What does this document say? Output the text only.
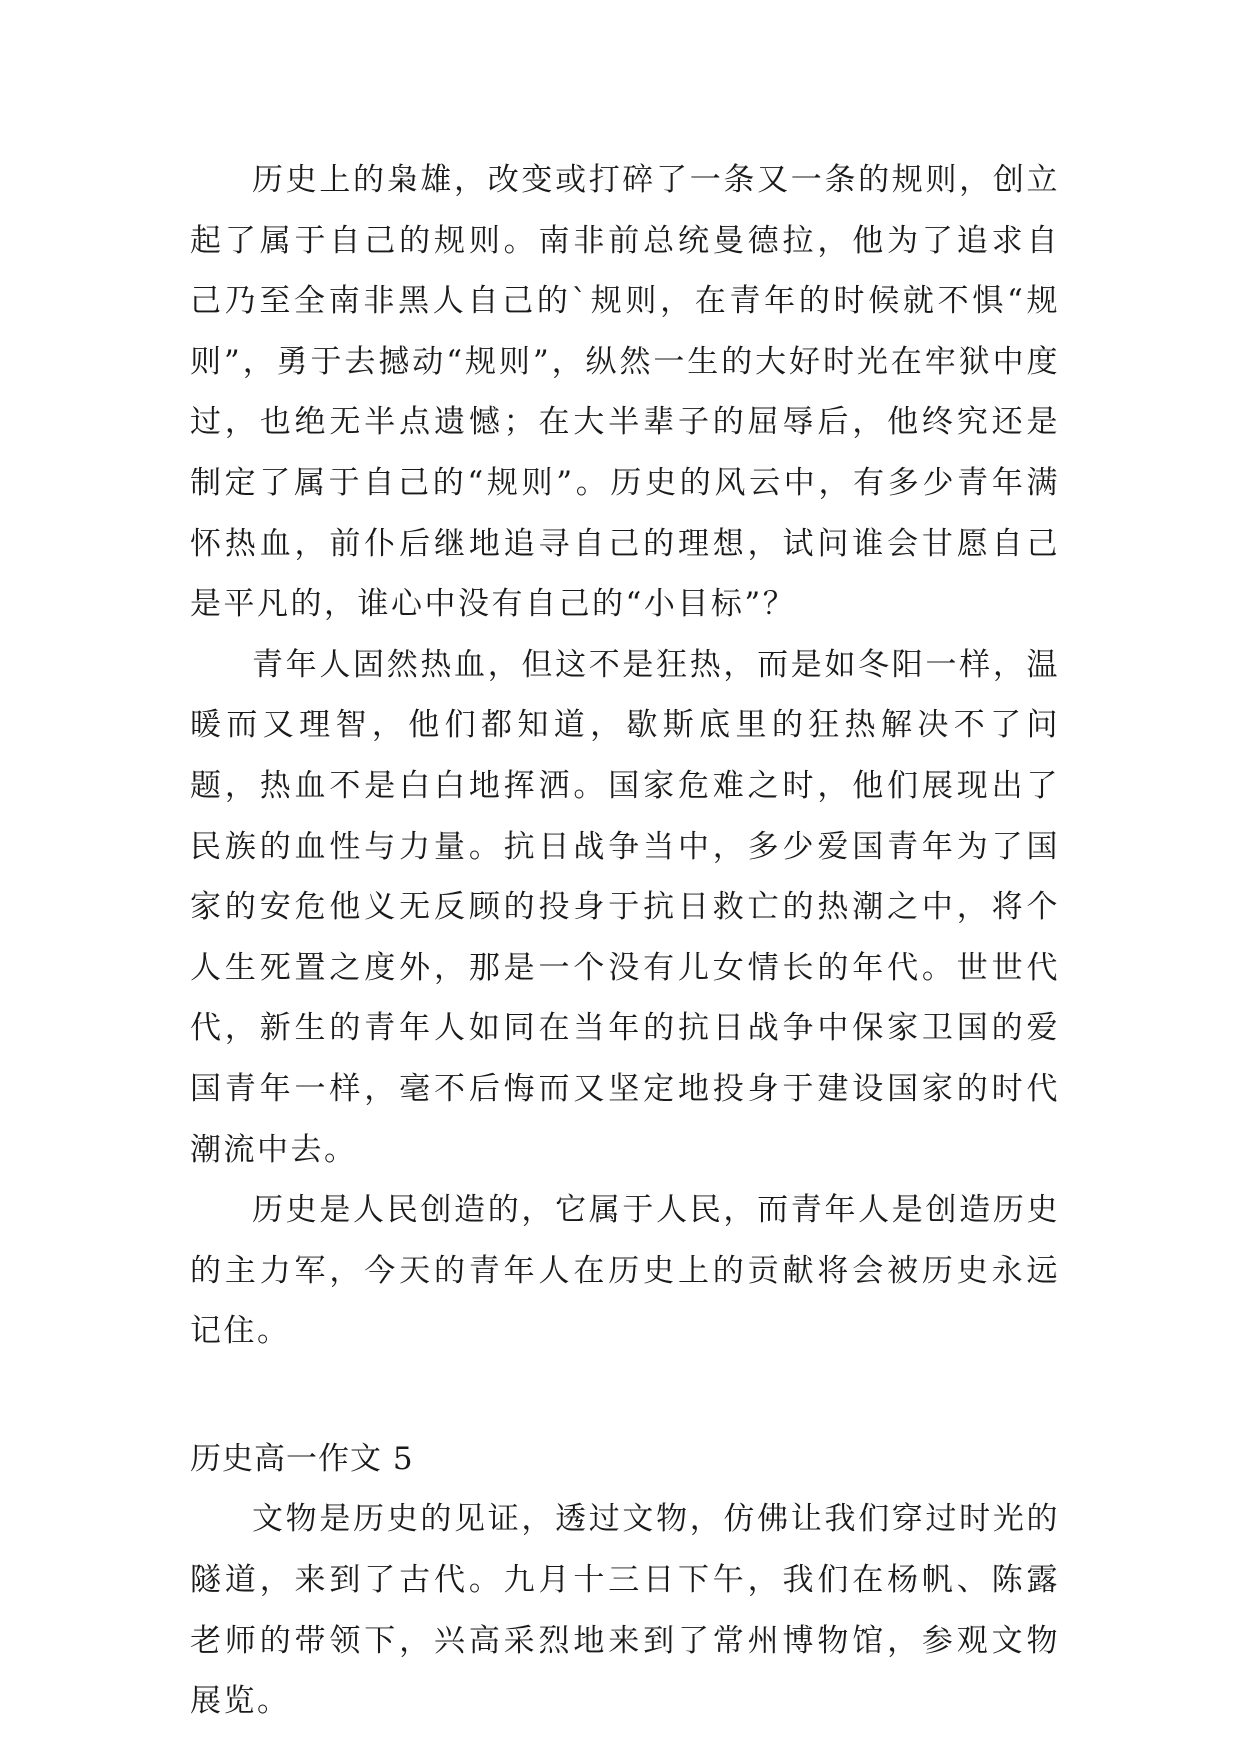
历史上的枭雄，改变或打碎了一条又一条的规则，创立起了属于自己的规则。南非前总统曼德拉，他为了追求自己乃至全南非黑人自己的`规则，在青年的时候就不惧“规则”，勇于去撼动“规则”，纵然一生的大好时光在牢狱中度过，也绝无半点遗憾；在大半辈子的屈辱后，他终究还是制定了属于自己的“规则”。历史的风云中，有多少青年满怀热血，前仆后继地追寻自己的理想，试问谁会甘愿自己是平凡的，谁心中没有自己的“小目标”？

青年人固然热血，但这不是狂热，而是如冬阳一样，温暖而又理智，他们都知道，歇斯底里的狂热解决不了问题，热血不是白白地挥洒。国家危难之时，他们展现出了民族的血性与力量。抗日战争当中，多少爱国青年为了国家的安危他义无反顾的投身于抗日救亡的热潮之中，将个人生死置之度外，那是一个没有儿女情长的年代。世世代代，新生的青年人如同在当年的抗日战争中保家卫国的爱国青年一样，毫不后悔而又坚定地投身于建设国家的时代潮流中去。

历史是人民创造的，它属于人民，而青年人是创造历史的主力军，今天的青年人在历史上的贡献将会被历史永远记住。

历史高一作文 5

文物是历史的见证，透过文物，仿佛让我们穿过时光的隧道，来到了古代。九月十三日下午，我们在杨帆、陈露老师的带领下，兴高采烈地来到了常州博物馆，参观文物展览。
